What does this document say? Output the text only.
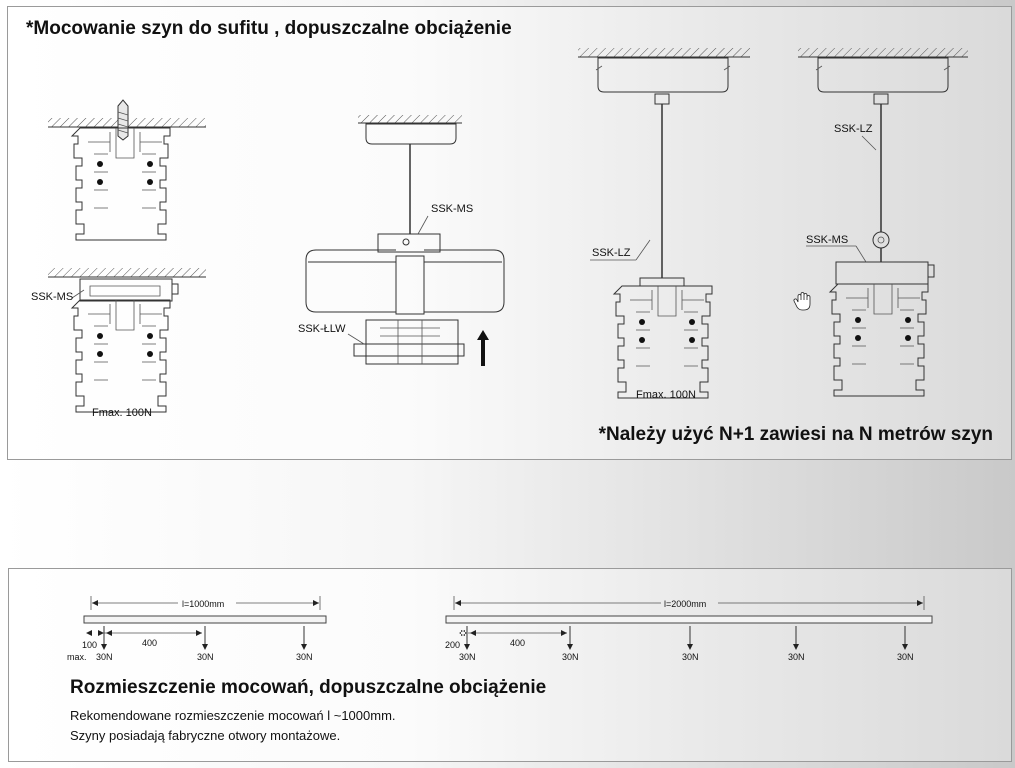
*Mocowanie szyn do sufitu , dopuszczalne obciążenie
*Należy użyć N+1 zawiesi na N metrów szyn
SSK-MS
Fmax. 100N
SSK-MS
SSK-ŁLW
SSK-LZ
Fmax. 100N
SSK-LZ
SSK-MS
l=1000mm
100
max.
400
30N	30N	30N
l=2000mm
200	400
30N	30N	30N	30N	30N
Rozmieszczenie mocowań, dopuszczalne obciążenie
Rekomendowane rozmieszczenie mocowań l ~1000mm.
Szyny posiadają fabryczne otwory montażowe.
